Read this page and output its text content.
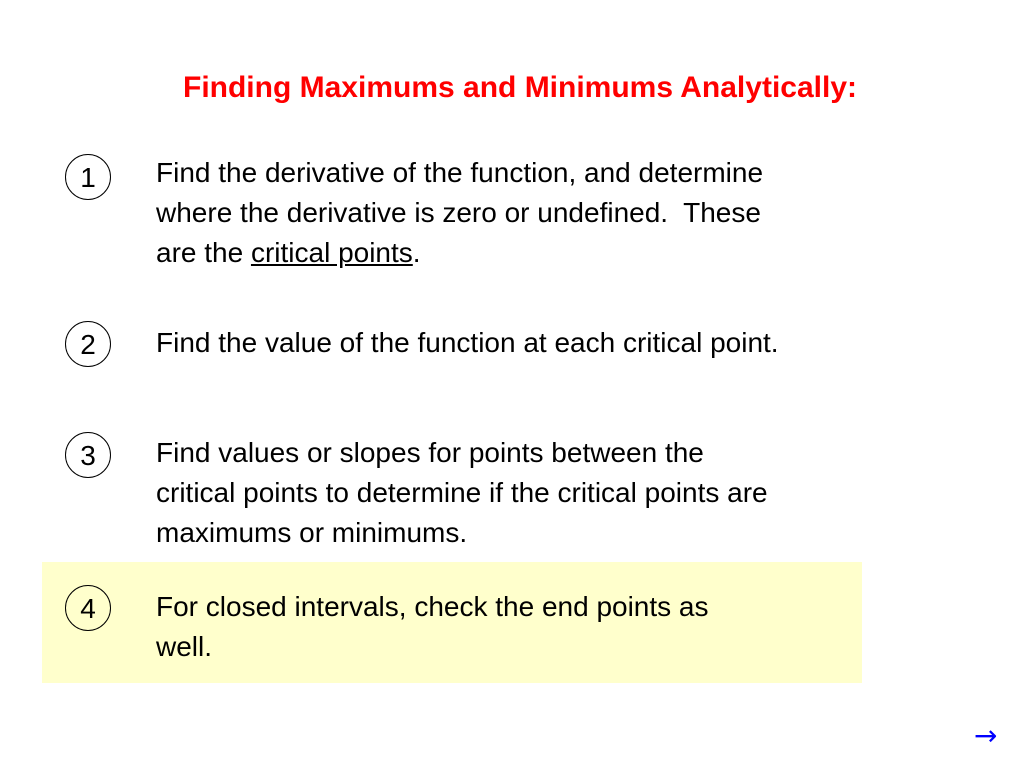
Finding Maximums and Minimums Analytically:
1	Find the derivative of the function, and determine
where the derivative is zero or undefined.  These
are the critical points.
2	Find the value of the function at each critical point.
3	Find values or slopes for points between the
critical points to determine if the critical points are
maximums or minimums.
4	For closed intervals, check the end points as
well.
→
